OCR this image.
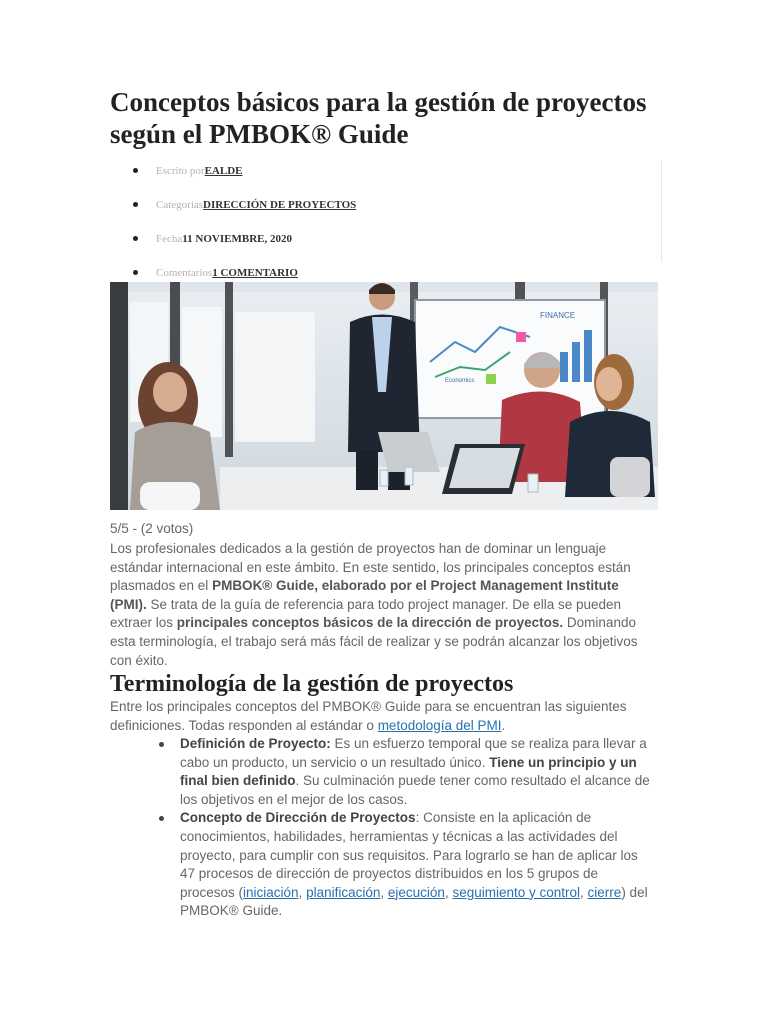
Conceptos básicos para la gestión de proyectos según el PMBOK® Guide
Escrito porEALDE
CategoríasDIRECCIÓN DE PROYECTOS
Fecha11 NOVIEMBRE, 2020
Comentarios1 COMENTARIO
FINANCE
Economics
5/5 - (2 votos)

Los profesionales dedicados a la gestión de proyectos han de dominar un lenguaje estándar internacional en este ámbito. En este sentido, los principales conceptos están plasmados en el PMBOK® Guide, elaborado por el Project Management Institute (PMI). Se trata de la guía de referencia para todo project manager. De ella se pueden extraer los principales conceptos básicos de la dirección de proyectos. Dominando esta terminología, el trabajo será más fácil de realizar y se podrán alcanzar los objetivos con éxito.

Terminología de la gestión de proyectos

Entre los principales conceptos del PMBOK® Guide para se encuentran las siguientes definiciones. Todas responden al estándar o metodología del PMI.

Definición de Proyecto: Es un esfuerzo temporal que se realiza para llevar a cabo un producto, un servicio o un resultado único. Tiene un principio y un final bien definido. Su culminación puede tener como resultado el alcance de los objetivos en el mejor de los casos.
Concepto de Dirección de Proyectos: Consiste en la aplicación de conocimientos, habilidades, herramientas y técnicas a las actividades del proyecto, para cumplir con sus requisitos. Para lograrlo se han de aplicar los 47 procesos de dirección de proyectos distribuidos en los 5 grupos de procesos (iniciación, planificación, ejecución, seguimiento y control, cierre) del PMBOK® Guide.
